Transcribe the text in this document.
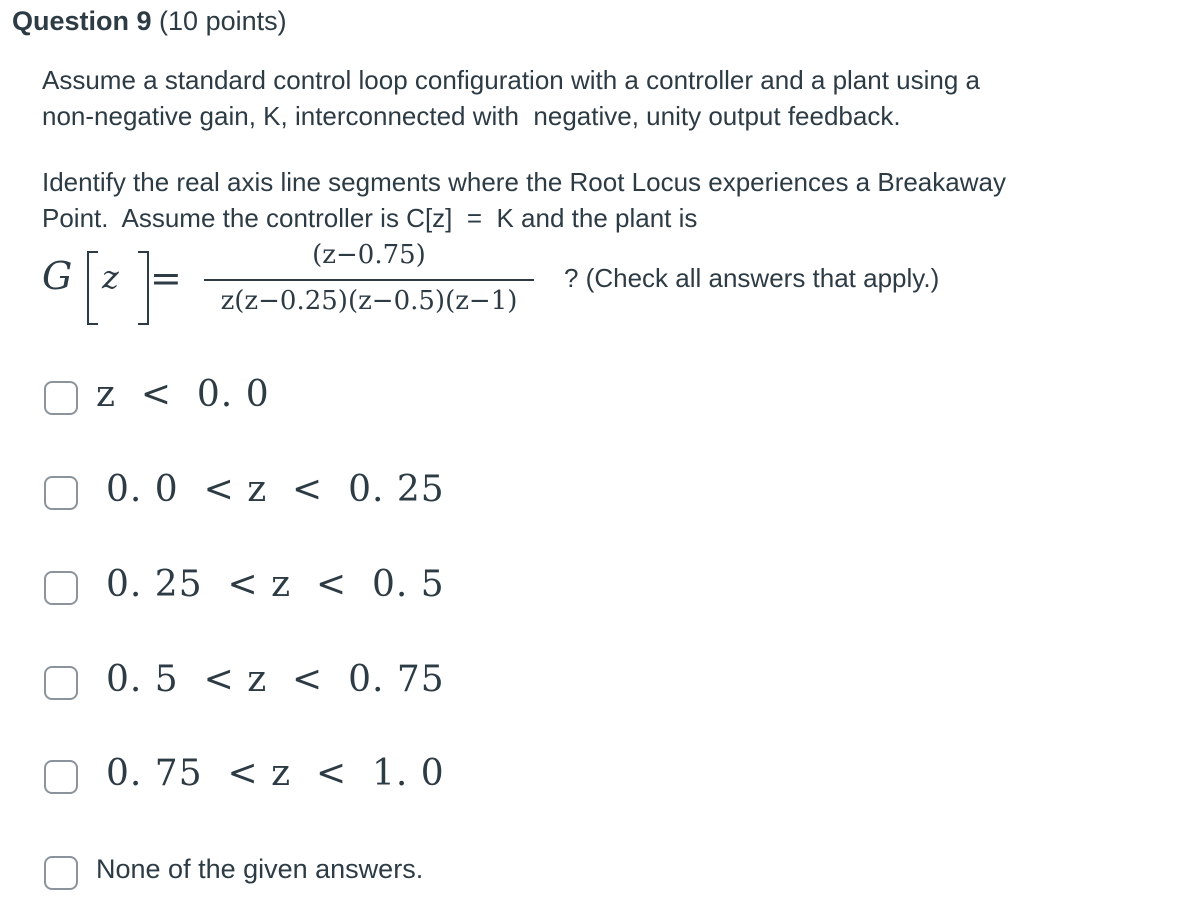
Question 9 (10 points)
Assume a standard control loop configuration with a controller and a plant using a
non-negative gain, K, interconnected with  negative, unity output feedback.
Identify the real axis line segments where the Root Locus experiences a Breakaway
Point.  Assume the controller is C[z]  =  K and the plant is
G z =
(z−0.75)
z(z−0.25)(z−0.5)(z−1)
? (Check all answers that apply.)
z  <  0. 0
0. 0  < z  <  0. 25
0. 25  < z  <  0. 5
0. 5  < z  <  0. 75
0. 75  < z  <  1. 0
None of the given answers.
